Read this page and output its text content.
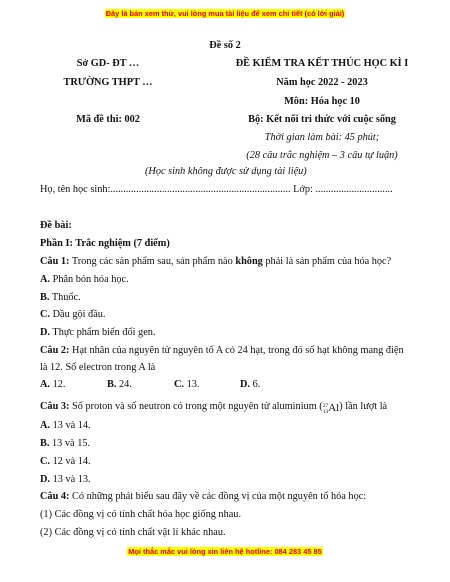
Đây là bản xem thử, vui lòng mua tài liệu để xem chi tiết (có lời giải)
Đề số 2
Sở GD- ĐT …
TRƯỜNG THPT …
Mã đề thi: 002
ĐỀ KIỂM TRA KẾT THÚC HỌC KÌ I
Năm học 2022 - 2023
Môn: Hóa học 10
Bộ: Kết nối tri thức với cuộc sống
Thời gian làm bài: 45 phút;
(28 câu trắc nghiệm – 3 câu tự luận)
(Học sinh không được sử dụng tài liệu)
Họ, tên học sinh:...................................................................... Lớp: ..............................
Đề bài:
Phần I: Trắc nghiệm (7 điểm)
Câu 1: Trong các sản phẩm sau, sản phẩm nào không phải là sản phẩm của hóa học?
A. Phân bón hóa học.
B. Thuốc.
C. Dầu gội đầu.
D. Thực phẩm biến đổi gen.
Câu 2: Hạt nhân của nguyên tử nguyên tố A có 24 hạt, trong đó số hạt không mang điện
là 12. Số electron trong A là
A. 12.	B. 24.	C. 13.	D. 6.
Câu 3: Số proton và số neutron có trong một nguyên tử aluminium ( 27
13 Al) lần lượt là
A. 13 và 14.
B. 13 và 15.
C. 12 và 14.
D. 13 và 13.
Câu 4: Có những phát biểu sau đây về các đồng vị của một nguyên tố hóa học:
(1) Các đồng vị có tính chất hóa học giống nhau.
(2) Các đồng vị có tính chất vật lí khác nhau.
Mọi thắc mắc vui lòng xin liên hệ hotline: 084 283 45 85
